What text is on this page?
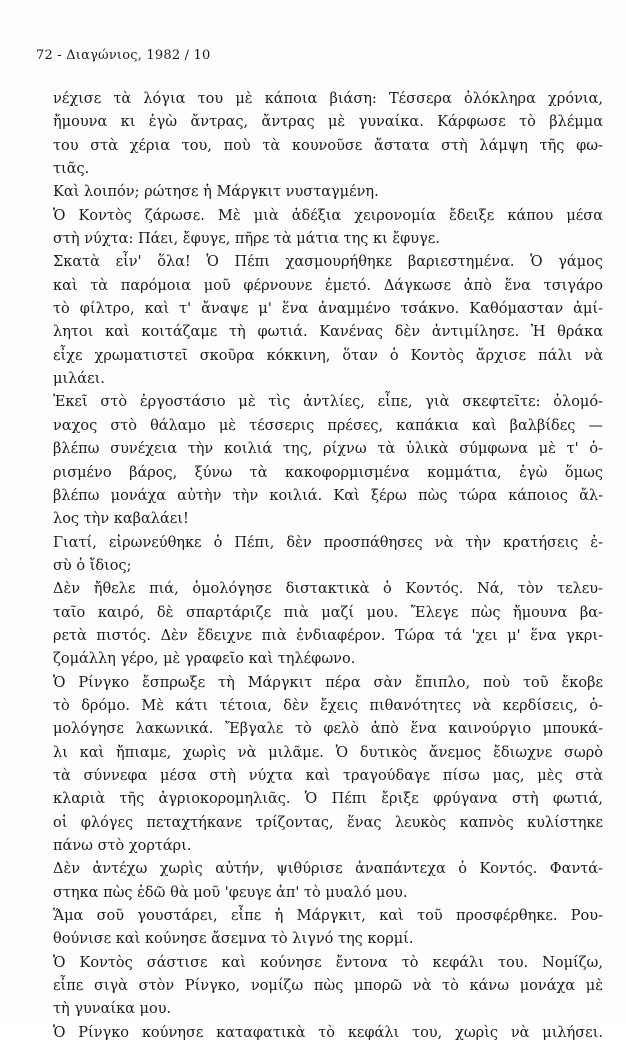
72 - Διαγώνιος, 1982 / 10
νέχισε τὰ λόγια του μὲ κάποια βιάση: Τέσσερα ὁλόκληρα χρόνια,
ἤμουνα κι ἐγὼ ἄντρας, ἄντρας μὲ γυναίκα. Κάρφωσε τὸ βλέμμα
του στὰ χέρια του, ποὺ τὰ κουνοῦσε ἄστατα στὴ λάμψη τῆς φω-
τιᾶς.
Καὶ λοιπόν; ρώτησε ἡ Μάργκιτ νυσταγμένη.
Ὁ Κοντὸς ζάρωσε. Μὲ μιὰ ἀδέξια χειρονομία ἔδειξε κάπου μέσα
στὴ νύχτα: Πάει, ἔφυγε, πῆρε τὰ μάτια της κι ἔφυγε.
Σκατὰ εἶν' ὅλα! Ὁ Πέπι χασμουρήθηκε βαριεστημένα. Ὁ γάμος
καὶ τὰ παρόμοια μοῦ φέρνουνε ἐμετό. Δάγκωσε ἀπὸ ἕνα τσιγάρο
τὸ φίλτρο, καὶ τ' ἄναψε μ' ἕνα ἀναμμένο τσάκνο. Καθόμασταν ἀμί-
λητοι καὶ κοιτάζαμε τὴ φωτιά. Κανένας δὲν ἀντιμίλησε. Ἡ θράκα
εἶχε χρωματιστεῖ σκοῦρα κόκκινη, ὅταν ὁ Κοντὸς ἄρχισε πάλι νὰ
μιλάει.
Ἐκεῖ στὸ ἐργοστάσιο μὲ τὶς ἀντλίες, εἶπε, γιὰ σκεφτεῖτε: ὁλομό-
ναχος στὸ θάλαμο μὲ τέσσερις πρέσες, καπάκια καὶ βαλβίδες —
βλέπω συνέχεια τὴν κοιλιά της, ρίχνω τὰ ὑλικὰ σύμφωνα μὲ τ' ὁ-
ρισμένο βάρος, ξύνω τὰ κακοφορμισμένα κομμάτια, ἐγὼ ὅμως
βλέπω μονάχα αὐτὴν τὴν κοιλιά. Καὶ ξέρω πὼς τώρα κάποιος ἄλ-
λος τὴν καβαλάει!
Γιατί, εἰρωνεύθηκε ὁ Πέπι, δὲν προσπάθησες νὰ τὴν κρατήσεις ἐ-
σὺ ὁ ἴδιος;
Δὲν ἤθελε πιά, ὁμολόγησε διστακτικὰ ὁ Κοντός. Νά, τὸν τελευ-
ταῖο καιρό, δὲ σπαρτάριζε πιὰ μαζί μου. Ἔλεγε πὼς ἤμουνα βα-
ρετὰ πιστός. Δὲν ἔδειχνε πιὰ ἐνδιαφέρον. Τώρα τά 'χει μ' ἕνα γκρι-
ζομάλλη γέρο, μὲ γραφεῖο καὶ τηλέφωνο.
Ὁ Ρίνγκο ἔσπρωξε τὴ Μάργκιτ πέρα σὰν ἔπιπλο, ποὺ τοῦ ἔκοβε
τὸ δρόμο. Μὲ κάτι τέτοια, δὲν ἔχεις πιθανότητες νὰ κερδίσεις, ὁ-
μολόγησε λακωνικά. Ἔβγαλε τὸ φελὸ ἀπὸ ἕνα καινούργιο μπουκά-
λι καὶ ἤπιαμε, χωρὶς νὰ μιλᾶμε. Ὁ δυτικὸς ἄνεμος ἔδιωχνε σωρὸ
τὰ σύννεφα μέσα στὴ νύχτα καὶ τραγούδαγε πίσω μας, μὲς στὰ
κλαριὰ τῆς ἀγριοκορομηλιᾶς. Ὁ Πέπι ἔριξε φρύγανα στὴ φωτιά,
οἱ φλόγες πεταχτήκανε τρίζοντας, ἕνας λευκὸς καπνὸς κυλίστηκε
πάνω στὸ χορτάρι.
Δὲν ἀντέχω χωρὶς αὐτήν, ψιθύρισε ἀναπάντεχα ὁ Κοντός. Φαντά-
στηκα πὼς ἐδῶ θὰ μοῦ 'φευγε ἀπ' τὸ μυαλό μου.
Ἅμα σοῦ γουστάρει, εἶπε ἡ Μάργκιτ, καὶ τοῦ προσφέρθηκε. Ρου-
θούνισε καὶ κούνησε ἄσεμνα τὸ λιγνό της κορμί.
Ὁ Κοντὸς σάστισε καὶ κούνησε ἔντονα τὸ κεφάλι του. Νομίζω,
εἶπε σιγὰ στὸν Ρίνγκο, νομίζω πὼς μπορῶ νὰ τὸ κάνω μονάχα μὲ
τὴ γυναίκα μου.
Ὁ Ρίνγκο κούνησε καταφατικὰ τὸ κεφάλι του, χωρὶς νὰ μιλήσει.
